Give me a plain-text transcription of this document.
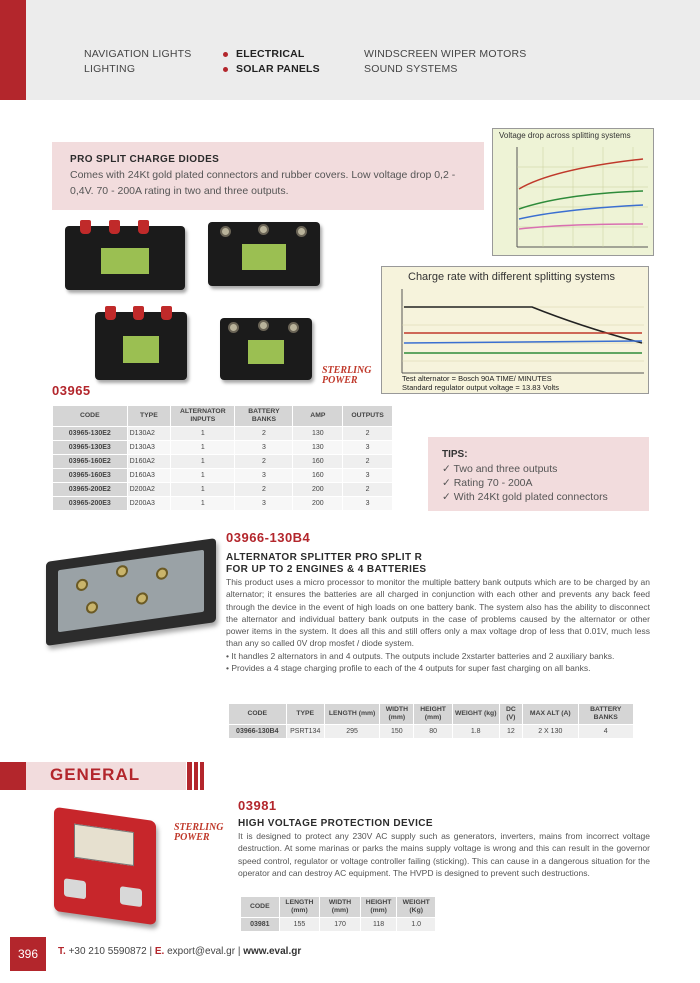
NAVIGATION LIGHTS
LIGHTING
ELECTRICAL
SOLAR PANELS
WINDSCREEN WIPER MOTORS
SOUND SYSTEMS
PRO SPLIT CHARGE DIODES
Comes with 24Kt gold plated connectors and rubber covers. Low voltage drop 0,2 - 0,4V. 70 - 200A rating in two and three outputs.
Voltage drop across splitting systems
Charge rate with different splitting systems
Test alternator = Bosch 90A TIME/ MINUTES
Standard regulator output voltage = 13.83 Volts
STERLING POWER
03965
CODE	TYPE	ALTERNATOR INPUTS	BATTERY BANKS	AMP	OUTPUTS
03965-130E2	D130A2	1	2	130	2
03965-130E3	D130A3	1	3	130	3
03965-160E2	D160A2	1	2	160	2
03965-160E3	D160A3	1	3	160	3
03965-200E2	D200A2	1	2	200	2
03965-200E3	D200A3	1	3	200	3
TIPS:
✓ Two and three outputs
✓ Rating 70 - 200A
✓ With 24Kt gold plated connectors
03966-130B4
ALTERNATOR SPLITTER PRO SPLIT R
FOR UP TO 2 ENGINES & 4 BATTERIES
This product uses a micro processor to monitor the multiple battery bank outputs which are to be charged by an alternator; it ensures the batteries are all charged in conjunction with each other and prevents any back feed through the device in the event of high loads on one battery bank. The system also has the ability to disconnect the alternator and individual battery bank outputs in the case of problems caused by the alternator or other power items in the system. It does all this and still offers only a max voltage drop of less that 0.01V, much less than any so called 0V drop mosfet / diode system.
• It handles 2 alternators in and 4 outputs. The outputs include 2xstarter batteries and 2 auxiliary banks.
• Provides a 4 stage charging profile to each of the 4 outputs for super fast charging on all banks.
CODE	TYPE	LENGTH (mm)	WIDTH (mm)	HEIGHT (mm)	WEIGHT (kg)	DC (V)	MAX ALT (A)	BATTERY BANKS
03966-130B4	PSRT134	295	150	80	1.8	12	2 X 130	4
GENERAL
STERLING POWER
03981
HIGH VOLTAGE PROTECTION DEVICE
It is designed to protect any 230V AC supply such as generators, inverters, mains from incorrect voltage destruction. At some marinas or parks the mains supply voltage is wrong and this can result in the governor speed control, regulator or voltage controller failing (sticking). This can cause in a dangerous situation for the operator and can destroy AC equipment. The HVPD is designed to prevent such destructions.
CODE	LENGTH (mm)	WIDTH (mm)	HEIGHT (mm)	WEIGHT (Kg)
03981	155	170	118	1.0
396	T. +30 210 5590872 | E. export@eval.gr | www.eval.gr
